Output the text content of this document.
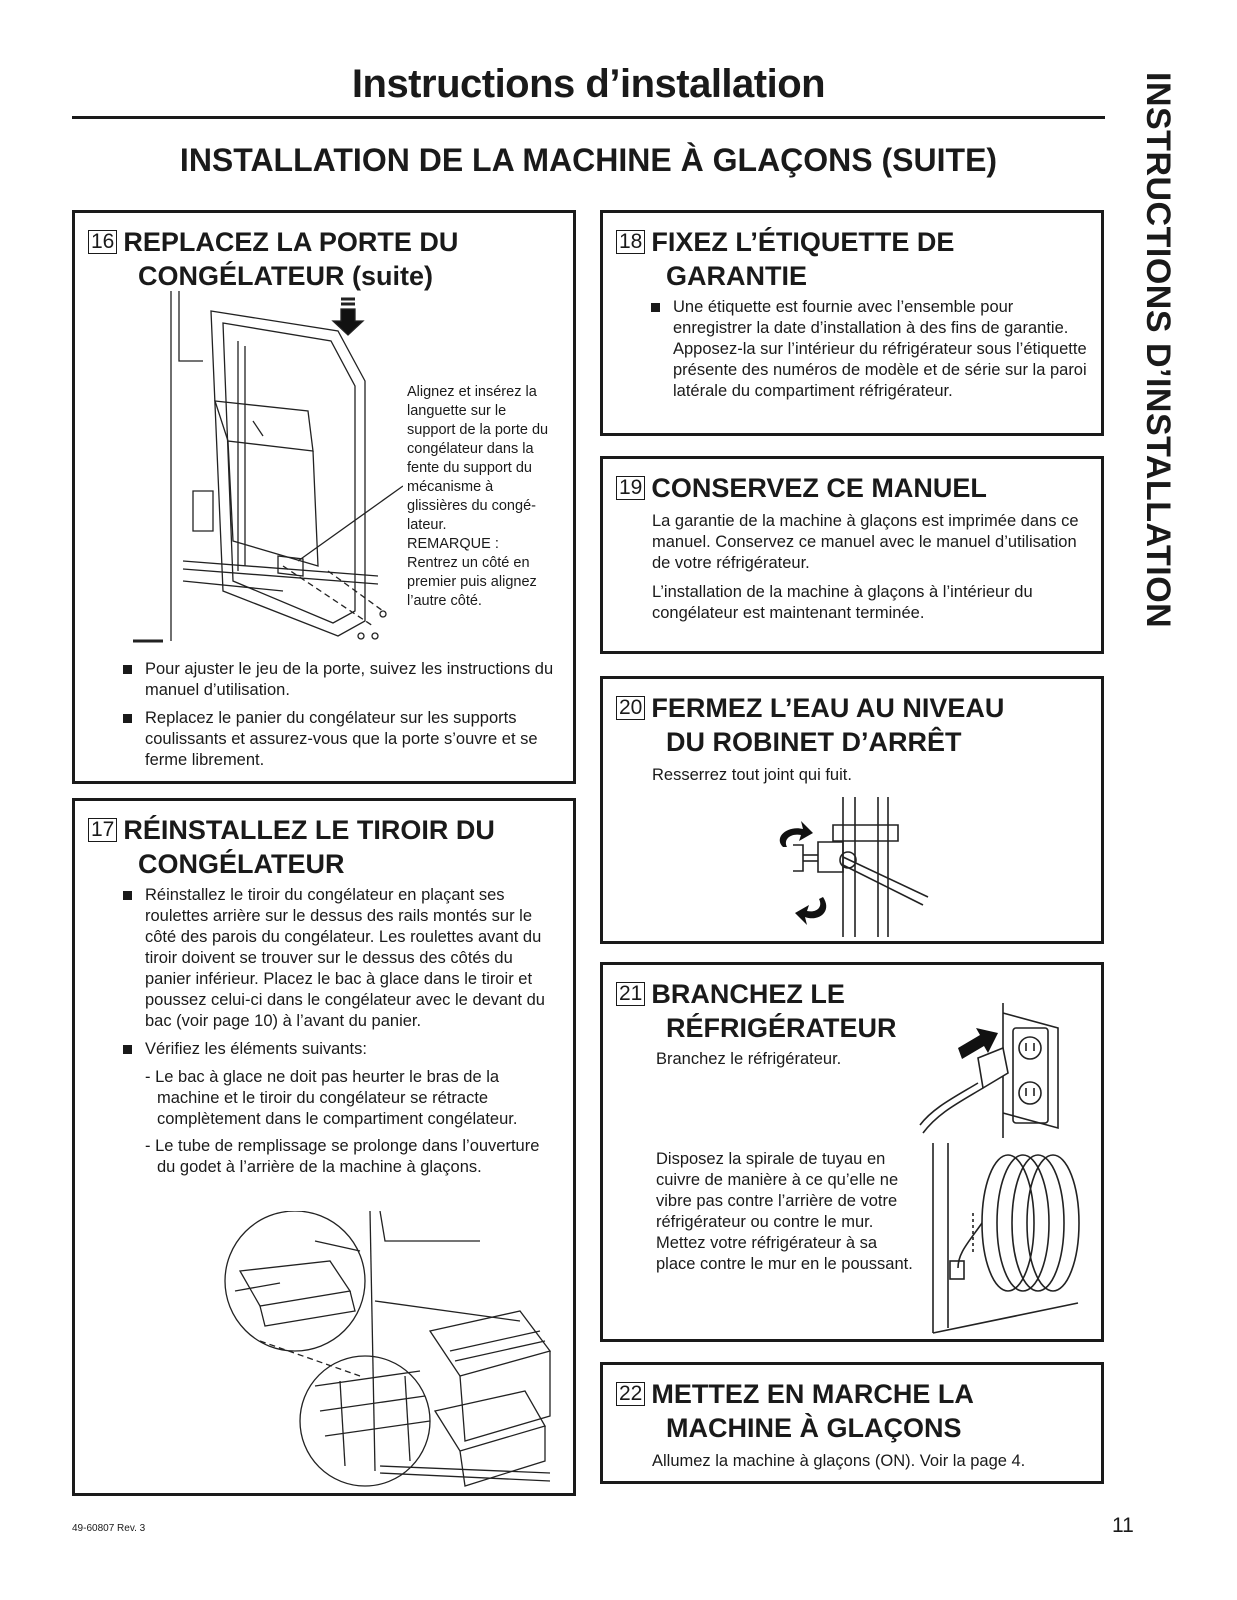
Instructions d’installation
INSTALLATION DE LA MACHINE À GLAÇONS (SUITE)	INSTRUCTIONS D’INSTALLATION
16 REPLACEZ LA PORTE DU
CONGÉLATEUR (suite)
Alignez et insérez la languette sur le support de la porte du congélateur dans la fente du support du mécanisme à glissières du congé-lateur.
REMARQUE :
Rentrez un côté en premier puis alignez l’autre côté.
Pour ajuster le jeu de la porte, suivez les instructions du manuel d’utilisation.
Replacez le panier du congélateur sur les supports coulissants et assurez-vous que la porte s’ouvre et se ferme librement.
17 RÉINSTALLEZ LE TIROIR DU
CONGÉLATEUR
Réinstallez le tiroir du congélateur en plaçant ses roulettes arrière sur le dessus des rails montés sur le côté des parois du congélateur. Les roulettes avant du tiroir doivent se trouver sur le dessus des côtés du panier inférieur. Placez le bac à glace dans le tiroir et poussez celui-ci dans le congélateur avec le devant du bac (voir page 10) à l’avant du panier.
Vérifiez les éléments suivants:
- Le bac à glace ne doit pas heurter le bras de la machine et le tiroir du congélateur se rétracte complètement dans le compartiment congélateur.
- Le tube de remplissage se prolonge dans l’ouverture du godet à l’arrière de la machine à glaçons.
18 FIXEZ L’ÉTIQUETTE DE
GARANTIE
Une étiquette est fournie avec l’ensemble pour enregistrer la date d’installation à des fins de garantie. Apposez-la sur l’intérieur du réfrigérateur sous l’étiquette présente des numéros de modèle et de série sur la paroi latérale du compartiment réfrigérateur.
19 CONSERVEZ CE MANUEL

La garantie de la machine à glaçons est imprimée dans ce manuel. Conservez ce manuel avec le manuel d’utilisation de votre réfrigérateur.

L’installation de la machine à glaçons à l’intérieur du congélateur est maintenant terminée.

20 FERMEZ L’EAU AU NIVEAU
DU ROBINET D’ARRÊT
Resserrez tout joint qui fuit.
21 BRANCHEZ LE
RÉFRIGÉRATEUR
Branchez le réfrigérateur.
Disposez la spirale de tuyau en cuivre de manière à ce qu’elle ne vibre pas contre l’arrière de votre réfrigérateur ou contre le mur. Mettez votre réfrigérateur à sa place contre le mur en le poussant.
22 METTEZ EN MARCHE LA
MACHINE À GLAÇONS
Allumez la machine à glaçons (ON). Voir la page 4.
49-60807 Rev. 3	11
